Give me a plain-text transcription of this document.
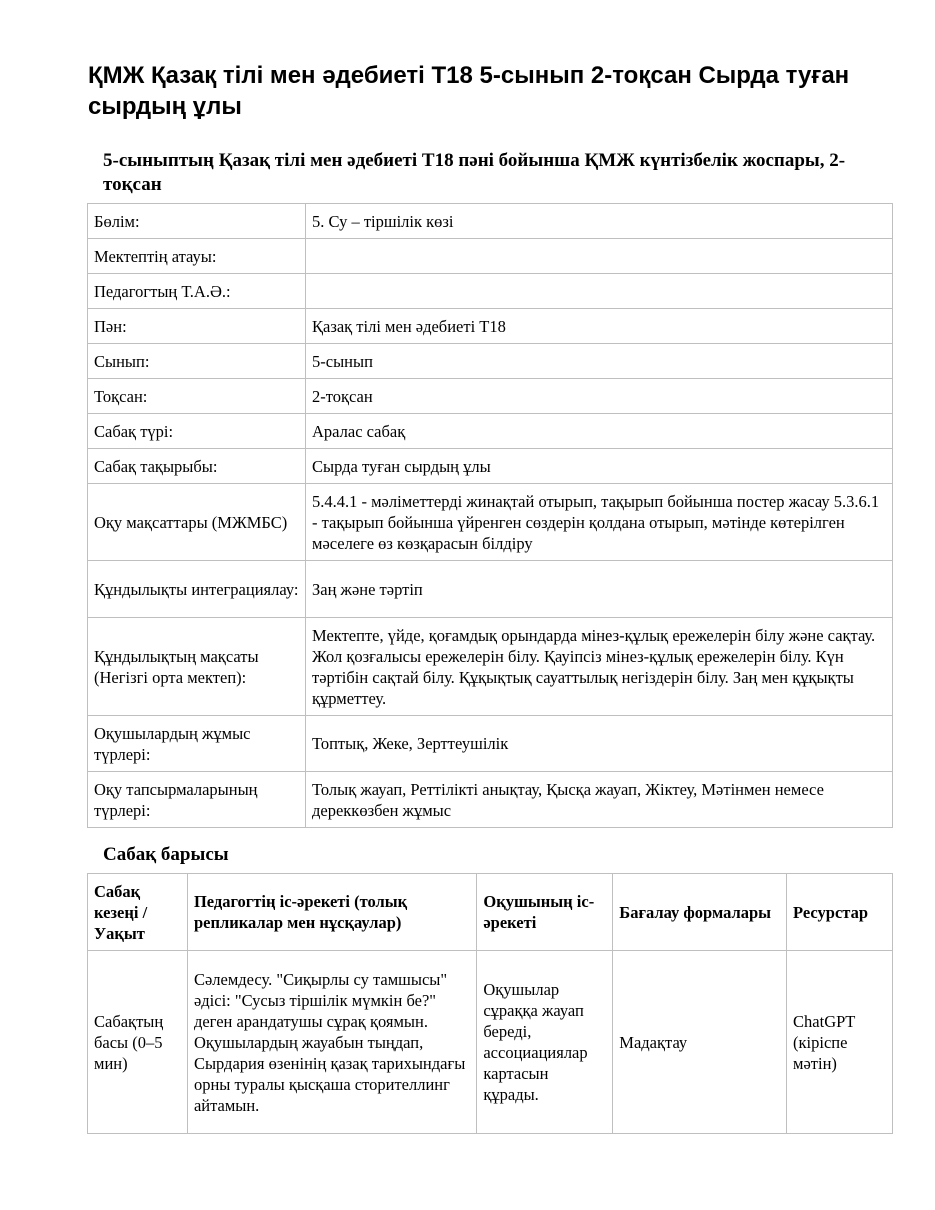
ҚМЖ Қазақ тілі мен әдебиеті Т18 5-сынып 2-тоқсан Сырда туған сырдың ұлы
5-сыныптың Қазақ тілі мен әдебиеті Т18 пәні бойынша ҚМЖ күнтізбелік жоспары, 2-тоқсан
Бөлім:	5. Су – тіршілік көзі
Мектептің атауы:	
Педагогтың Т.А.Ә.:	
Пән:	Қазақ тілі мен әдебиеті Т18
Сынып:	5-сынып
Тоқсан:	2-тоқсан
Сабақ түрі:	Аралас сабақ
Сабақ тақырыбы:	Сырда туған сырдың ұлы
Оқу мақсаттары (МЖМБС)	5.4.4.1 - мәліметтерді жинақтай отырып, тақырып бойынша постер жасау 5.3.6.1 - тақырып бойынша үйренген сөздерін қолдана отырып, мәтінде көтерілген мәселеге өз көзқарасын білдіру
Құндылықты интеграциялау:	Заң және тәртіп
Құндылықтың мақсаты (Негізгі орта мектеп):	Мектепте, үйде, қоғамдық орындарда мінез-құлық ережелерін білу және сақтау. Жол қозғалысы ережелерін білу. Қауіпсіз мінез-құлық ережелерін білу. Күн тәртібін сақтай білу. Құқықтық сауаттылық негіздерін білу. Заң мен құқықты құрметтеу.
Оқушылардың жұмыс түрлері:	Топтық, Жеке, Зерттеушілік
Оқу тапсырмаларының түрлері:	Толық жауап, Реттілікті анықтау, Қысқа жауап, Жіктеу, Мәтінмен немесе дереккөзбен жұмыс
Сабақ барысы
Сабақ кезеңі / Уақыт	Педагогтің іс-әрекеті (толық репликалар мен нұсқаулар)	Оқушының іс-әрекеті	Бағалау формалары	Ресурстар
Сабақтың басы (0–5 мин)	Сәлемдесу. "Сиқырлы су тамшысы" әдісі: "Сусыз тіршілік мүмкін бе?" деген арандатушы сұрақ қоямын. Оқушылардың жауабын тыңдап, Сырдария өзенінің қазақ тарихындағы орны туралы қысқаша сторителлинг айтамын.	Оқушылар сұраққа жауап береді, ассоциациялар картасын құрады.	Мадақтау	ChatGPT (кіріспе мәтін)
